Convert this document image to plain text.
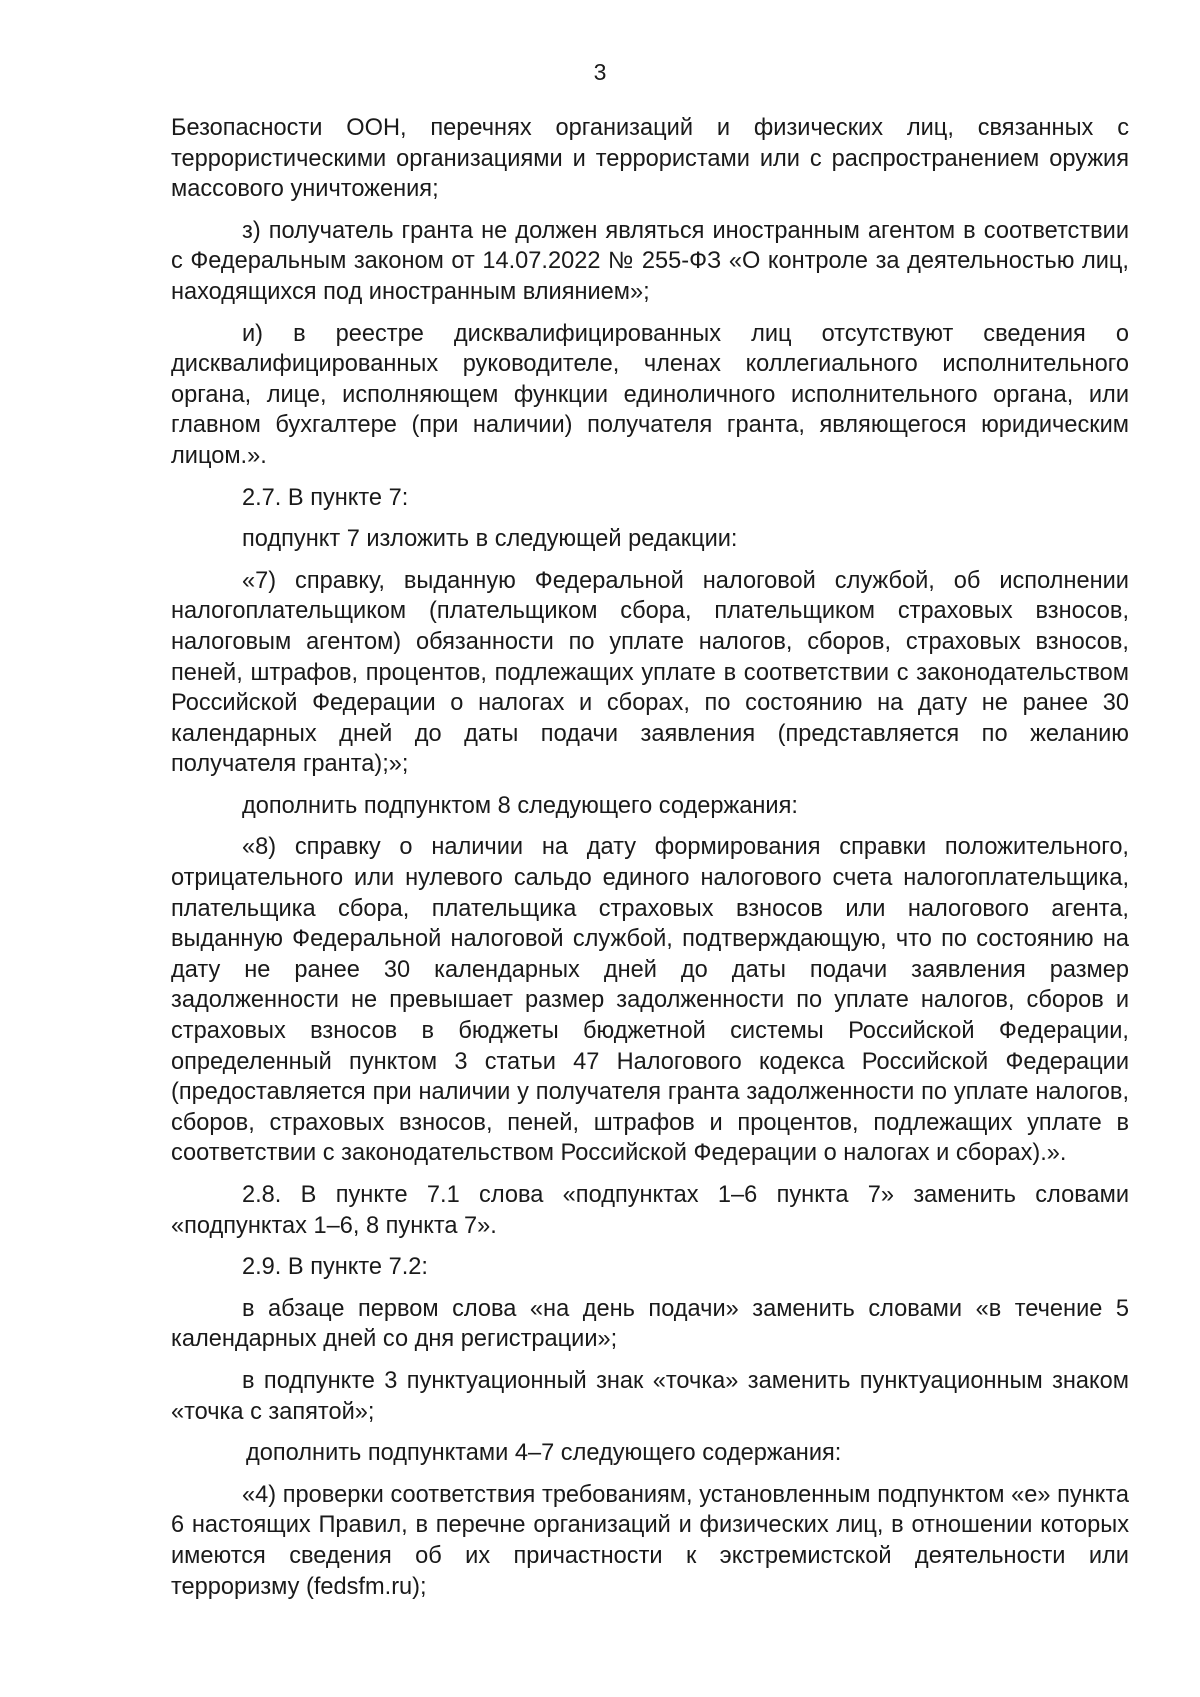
3

Безопасности ООН, перечнях организаций и физических лиц, связанных с террористическими организациями и террористами или с распространением оружия массового уничтожения;

з) получатель гранта не должен являться иностранным агентом в соответствии с Федеральным законом от 14.07.2022 № 255-ФЗ «О контроле за деятельностью лиц, находящихся под иностранным влиянием»;

и) в реестре дисквалифицированных лиц отсутствуют сведения о дисквалифицированных руководителе, членах коллегиального исполнительного органа, лице, исполняющем функции единоличного исполнительного органа, или главном бухгалтере (при наличии) получателя гранта, являющегося юридическим лицом.».

2.7. В пункте 7:

подпункт 7 изложить в следующей редакции:

«7) справку, выданную Федеральной налоговой службой, об исполнении налогоплательщиком (плательщиком сбора, плательщиком страховых взносов, налоговым агентом) обязанности по уплате налогов, сборов, страховых взносов, пеней, штрафов, процентов, подлежащих уплате в соответствии с законодательством Российской Федерации о налогах и сборах, по состоянию на дату не ранее 30 календарных дней до даты подачи заявления (представляется по желанию получателя гранта);»;

дополнить подпунктом 8 следующего содержания:

«8) справку о наличии на дату формирования справки положительного, отрицательного или нулевого сальдо единого налогового счета налогоплательщика, плательщика сбора, плательщика страховых взносов или налогового агента, выданную Федеральной налоговой службой, подтверждающую, что по состоянию на дату не ранее 30 календарных дней до даты подачи заявления размер задолженности не превышает размер задолженности по уплате налогов, сборов и страховых взносов в бюджеты бюджетной системы Российской Федерации, определенный пунктом 3 статьи 47 Налогового кодекса Российской Федерации (предоставляется при наличии у получателя гранта задолженности по уплате налогов, сборов, страховых взносов, пеней, штрафов и процентов, подлежащих уплате в соответствии с законодательством Российской Федерации о налогах и сборах).».

2.8. В пункте 7.1 слова «подпунктах 1–6 пункта 7» заменить словами «подпунктах 1–6, 8 пункта 7».

2.9. В пункте 7.2:

в абзаце первом слова «на день подачи» заменить словами «в течение 5 календарных дней со дня регистрации»;

в подпункте 3 пунктуационный знак «точка» заменить пунктуационным знаком «точка с запятой»;

дополнить подпунктами 4–7 следующего содержания:

«4) проверки соответствия требованиям, установленным подпунктом «е» пункта 6 настоящих Правил, в перечне организаций и физических лиц, в отношении которых имеются сведения об их причастности к экстремистской деятельности или терроризму (fedsfm.ru);
